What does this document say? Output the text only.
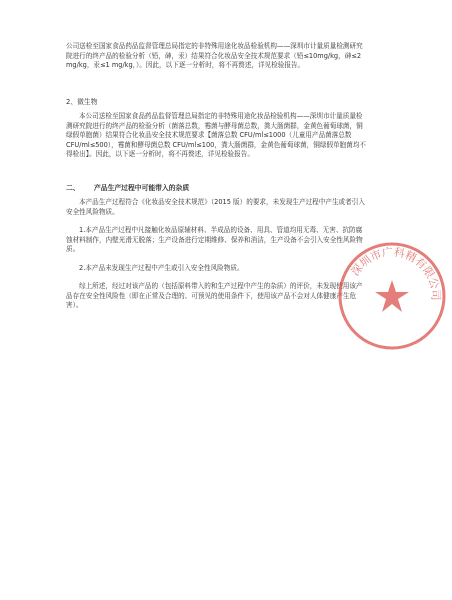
公司送检至国家食品药品监督管理总局指定的非特殊用途化妆品检验机构——深圳市计量质量检测研究院进行的终产品的检验分析（铅，砷，汞）结果符合化妆品安全技术规范要求（铅≤10mg/kg，砷≤2 mg/kg，汞≤1 mg/kg，）。因此，以下逐一分析时，将不再赘述，详见检验报告。

2、微生物

本公司送检至国家食品药品监督管理总局指定的非特殊用途化妆品检验机构——深圳市计量质量检测研究院进行的终产品的检验分析（菌落总数，霉菌与酵母菌总数，粪大肠菌群，金黄色葡萄球菌，铜绿假单胞菌）结果符合化妆品安全技术规范要求【菌落总数 CFU/ml≤1000（儿童用产品菌落总数 CFU/ml≤500），霉菌和酵母菌总数 CFU/ml≤100，粪大肠菌群，金黄色葡萄球菌，铜绿假单胞菌均不得检出】。因此，以下逐一分析时，将不再赘述，详见检验报告。

二、 产品生产过程中可能带入的杂质

本产品生产过程符合《化妆品安全技术规范》（2015 版）的要求，未发现生产过程中产生或者引入安全性风险物质。

1.本产品生产过程中凡接触化妆品原辅材料、半成品的设备、用具、管道均用无毒、无害、抗防腐蚀材料制作，内壁光滑无脱落；生产设备进行定期维修、保养和消洁，生产设备不会引入安全性风险物质。

2.本产品未发现生产过程中产生或引入安全性风险物质。

综上所述，经过对该产品的（包括原料带入的和生产过程中产生的杂质）的评价，未发现使用该产品存在安全性风险性（即在正常及合理的、可预见的使用条件下，使用该产品不会对人体健康产生危害）。

深圳市广科精有限公司
